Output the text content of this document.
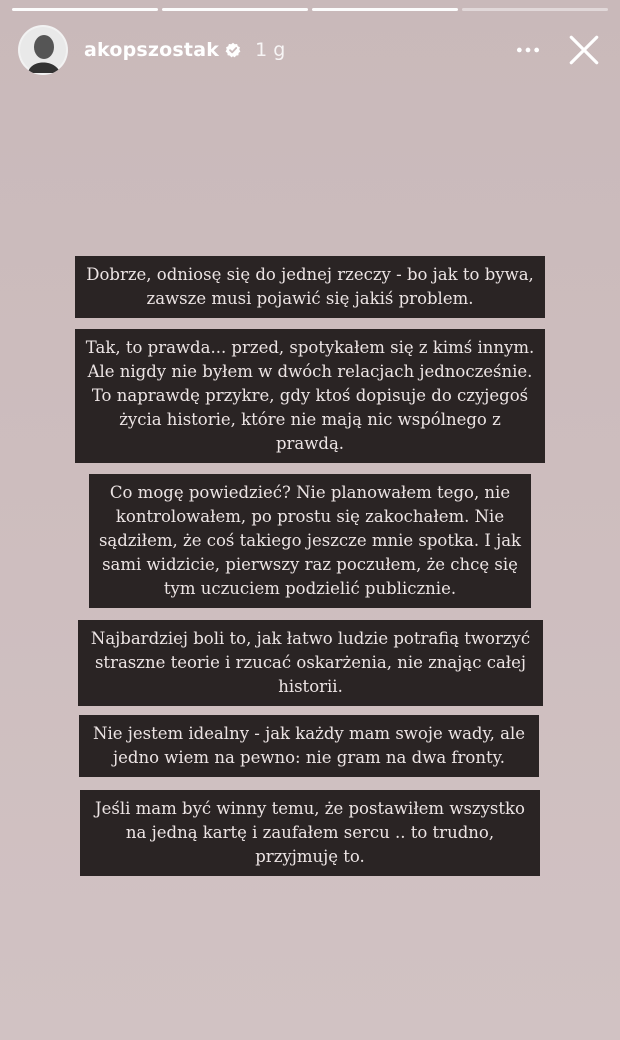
akopszostak 1 g
Dobrze, odniosę się do jednej rzeczy - bo jak to bywa,
zawsze musi pojawić się jakiś problem.
Tak, to prawda... przed, spotykałem się z kimś innym.
Ale nigdy nie byłem w dwóch relacjach jednocześnie.
To naprawdę przykre, gdy ktoś dopisuje do czyjegoś
życia historie, które nie mają nic wspólnego z
prawdą.
Co mogę powiedzieć? Nie planowałem tego, nie
kontrolowałem, po prostu się zakochałem. Nie
sądziłem, że coś takiego jeszcze mnie spotka. I jak
sami widzicie, pierwszy raz poczułem, że chcę się
tym uczuciem podzielić publicznie.
Najbardziej boli to, jak łatwo ludzie potrafią tworzyć
straszne teorie i rzucać oskarżenia, nie znając całej
historii.
Nie jestem idealny - jak każdy mam swoje wady, ale
jedno wiem na pewno: nie gram na dwa fronty.
Jeśli mam być winny temu, że postawiłem wszystko
na jedną kartę i zaufałem sercu .. to trudno,
przyjmuję to.
